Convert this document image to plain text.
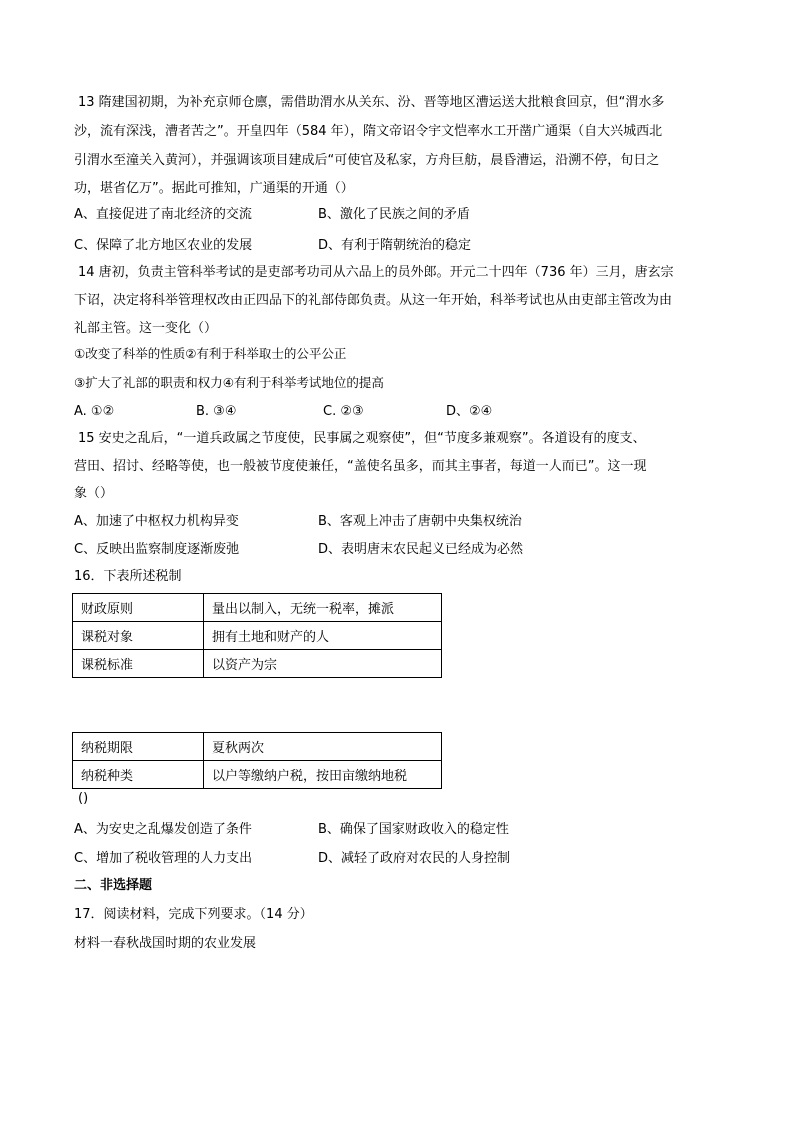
13 隋建国初期，为补充京师仓廪，需借助渭水从关东、汾、晋等地区漕运送大批粮食回京，但“渭水多
沙，流有深浅，漕者苦之”。开皇四年（584 年），隋文帝诏令宇文恺率水工开凿广通渠（自大兴城西北
引渭水至潼关入黄河），并强调该项目建成后“可使官及私家，方舟巨舫，晨昏漕运，沿溯不停，旬日之
功，堪省亿万”。据此可推知，广通渠的开通（）
A、直接促进了南北经济的交流	B、激化了民族之间的矛盾
C、保障了北方地区农业的发展	D、有利于隋朝统治的稳定
14 唐初，负责主管科举考试的是吏部考功司从六品上的员外郎。开元二十四年（736 年）三月，唐玄宗
下诏，决定将科举管理权改由正四品下的礼部侍郎负责。从这一年开始，科举考试也从由吏部主管改为由
礼部主管。这一变化（）
①改变了科举的性质②有利于科举取士的公平公正
③扩大了礼部的职责和权力④有利于科举考试地位的提高
A. ①②	B. ③④	C. ②③	D、②④
15 安史之乱后，“一道兵政属之节度使，民事属之观察使”，但“节度多兼观察”。各道设有的度支、
营田、招讨、经略等使，也一般被节度使兼任，“盖使名虽多，而其主事者，每道一人而已”。这一现
象（）
A、加速了中枢权力机构异变	B、客观上冲击了唐朝中央集权统治
C、反映出监察制度逐渐废弛	D、表明唐末农民起义已经成为必然
16．下表所述税制
财政原则	量出以制入，无统一税率，摊派
课税对象	拥有土地和财产的人
课税标准	以资产为宗
纳税期限	夏秋两次
纳税种类	以户等缴纳户税，按田亩缴纳地税
()
A、为安史之乱爆发创造了条件	B、确保了国家财政收入的稳定性
C、增加了税收管理的人力支出	D、减轻了政府对农民的人身控制
二、非选择题
17．阅读材料，完成下列要求。（14 分）
材料一春秋战国时期的农业发展
